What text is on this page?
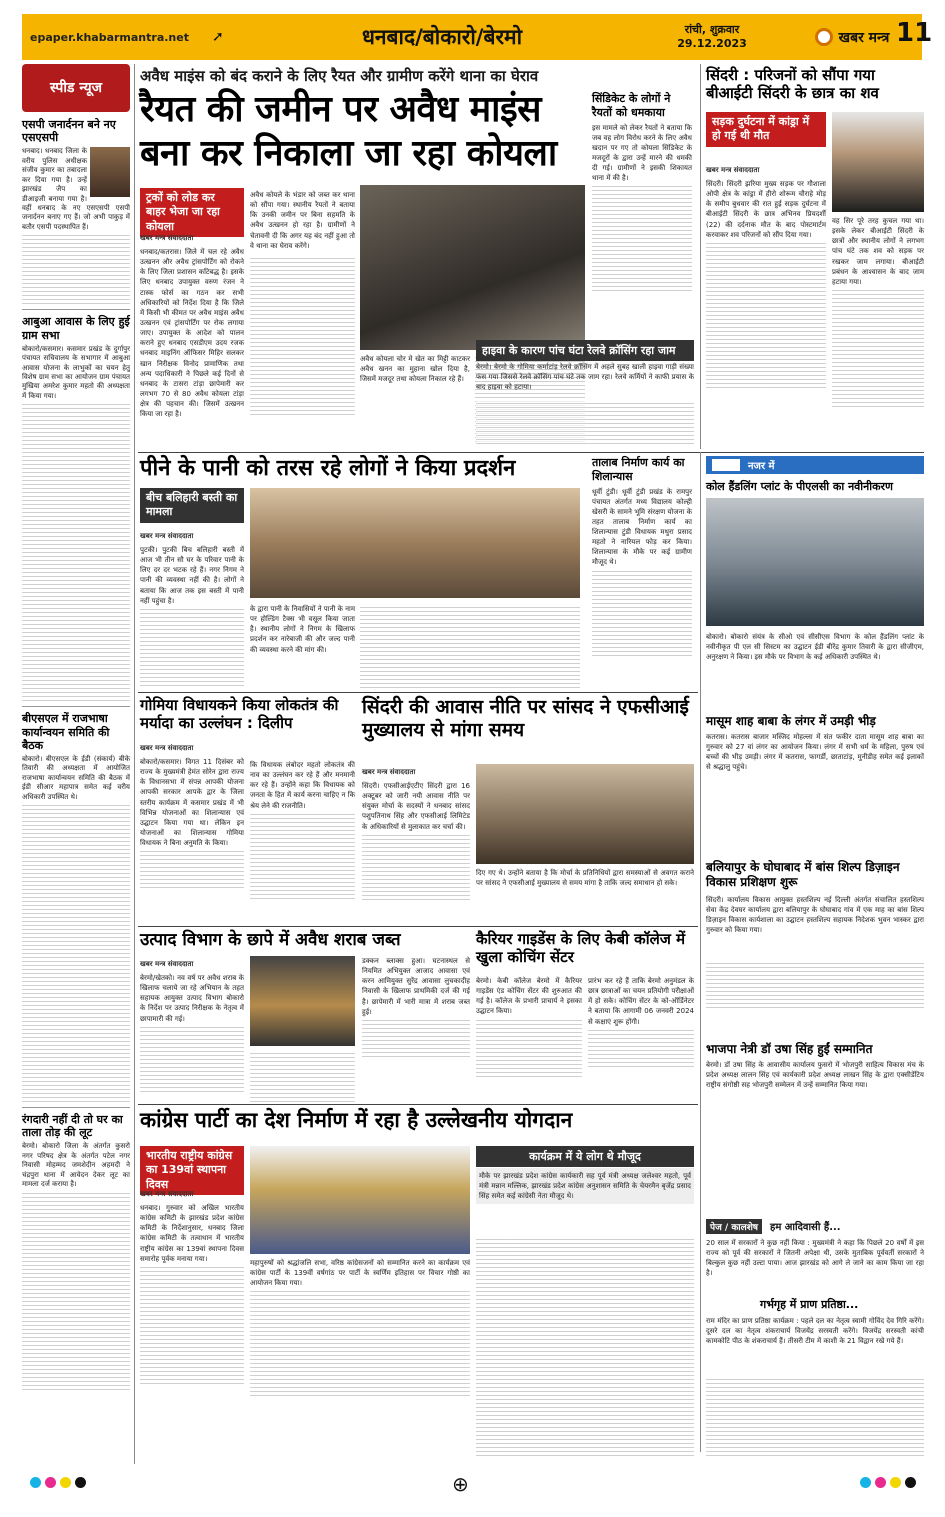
epaper.khabarmantra.net	➚	धनबाद/बोकारो/बेरमो	रांची, शुक्रवार
29.12.2023	खबर मन्त्र 11
स्पीड न्यूज
एसपी जनार्दनन बने नए एसएसपी
धनबाद। धनबाद जिला के वरीय पुलिस अधीक्षक संजीव कुमार का तबादला कर दिया गया है। उन्हें झारखंड जैप का डीआइजी बनाया गया है। वहीं धनबाद के नए एसएसपी एसपी जनार्दनन बनाए गए हैं। जो अभी पाकुड़ में बतौर एसपी पदस्थापित हैं।
आबुआ आवास के लिए हुई ग्राम सभा
बोकारो/कसमार। कसमार प्रखंड के दुर्गापुर पंचायत सचिवालय के सभागार में आबुआ आवास योजना के लाभुकों का चयन हेतु विशेष ग्राम सभा का आयोजन ग्राम पंचायत मुखिया अमरेश कुमार महतो की अध्यक्षता में किया गया।
बीएसएल में राजभाषा कार्यान्वयन समिति की बैठक
बोकारो। बीएसएल के ईडी (संकार्य) बीके तिवारी की अध्यक्षता में आयोजित राजभाषा कार्यान्वयन समिति की बैठक में ईडी सीआर महापात्र समेत कई वरीय अधिकारी उपस्थित थे।
रंगदारी नहीं दी तो घर का ताला तोड़ की लूट
बेरमो। बोकारो जिला के अंतर्गत कुसरो नगर परिषद क्षेत्र के अंतर्गत पटेल नगर निवासी मोहम्मद जमशेदीन अहमदी ने चंद्रपुरा थाना में आवेदन देकर लूट का मामला दर्ज कराया है।
अवैध माइंस को बंद कराने के लिए रैयत और ग्रामीण करेंगे थाना का घेराव
रैयत की जमीन पर अवैध माइंस बना कर निकाला जा रहा कोयला
ट्रकों को लोड कर बाहर भेजा जा रहा कोयला
खबर मन्त्र संवाददाता
धनबाद/कतरास। जिले में चल रहे अवैध उत्खनन और अवैध ट्रांसपोर्टिंग को रोकने के लिए जिला प्रशासन कटिबद्ध है। इसके लिए धनबाद उपायुक्त वरुण रंजन ने टास्क फोर्स का गठन कर सभी अधिकारियों को निर्देश दिया है कि जिले में किसी भी कीमत पर अवैध माइंस अवैध उत्खनन एवं ट्रांसपोर्टिंग पर रोक लगाया जाए। उपायुक्त के आदेश को पालन कराने हुए धनबाद एसडीएम उदय रजक धनबाद माइनिंग ऑफिसर मिहिर सलकर खान निरीक्षक विनोद प्रामाणिक तथा अन्य पदाधिकारी ने पिछले कई दिनों से धनबाद के टासरा टांड़ा छापेमारी कर लगभग 70 से 80 अवैध कोयला टांड़ा क्षेत्र की पहचान की। जिसमें उत्खनन किया जा रहा है।
अवैध कोयले के भंडार को जब्त कर थाना को सौंपा गया। स्थानीय रैयतों ने बताया कि उनकी जमीन पर बिना सहमति के अवैध उत्खनन हो रहा है। ग्रामीणों ने चेतावनी दी कि अगर यह बंद नहीं हुआ तो वे थाना का घेराव करेंगे।
अवैध कोयला चोर मे खेत का मिट्टी काटकर अवैध खनन का मुहाना खोल दिया है, जिसमें मजदूर तथा कोयला निकाल रहे हैं।
सिंडिकेट के लोगों ने रैयतों को धमकाया
इस मामले को लेकर रैयतों ने बताया कि जब वह लोग विरोध करने के लिए अवैध खदान पर गए तो कोयला सिंडिकेट के मजदूरों के द्वारा उन्हें मारने की धमकी दी गई। ग्रामीणों ने इसकी शिकायत थाना में की है।
हाइवा के कारण पांच घंटा रेलवे क्रॉसिंग रहा जाम
बेरमो। बेरमो के गोमिया कर्माटांड़ रेलवे क्रॉसिंग में अहले सुबह खाली हाइवा गाड़ी संख्या फंस गया जिससे रेलवे क्रॉसिंग पांच घंटे तक जाम रहा। रेलवे कर्मियों ने काफी प्रयास के बाद हाइवा को हटाया।
सिंदरी : परिजनों को सौंपा गया बीआईटी सिंदरी के छात्र का शव
सड़क दुर्घटना में कांड्रा में हो गई थी मौत
खबर मन्त्र संवाददाता
सिंदरी। सिंदरी झरिया मुख्य सड़क पर गौशाला ओपी क्षेत्र के कांड्रा में हीरो शोरूम चौराहे मोड़ के समीप बुधवार की रात हुई सड़क दुर्घटना में बीआईटी सिंदरी के छात्र अभिनव प्रियदर्शी (22) की दर्दनाक मौत के बाद पोस्टमार्टम करवाकर शव परिजनों को सौंप दिया गया।
वह सिर पूरे तरह कुचल गया था। इसके लेकर बीआईटी सिंदरी के छात्रों और स्थानीय लोगों ने लगभग पांच घंटे तक शव को सड़क पर रखकर जाम लगाया। बीआईटी प्रबंधन के आश्वासन के बाद जाम हटाया गया।
पीने के पानी को तरस रहे लोगों ने किया प्रदर्शन
बीच बलिहारी बस्ती का मामला
खबर मन्त्र संवाददाता
पुटकी। पुटकी बिच बलिहारी बस्ती में आज भी तीन सौ घर के परिवार पानी के लिए दर दर भटक रहे हैं। नगर निगम ने पानी की व्यवस्था नहीं की है। लोगों ने बताया कि आज तक इस बस्ती में पानी नहीं पहुंचा है।
के द्वारा पानी के निवासियों ने पानी के नाम पर होल्डिंग टैक्स भी वसूल किया जाता है। स्थानीय लोगों ने निगम के खिलाफ प्रदर्शन कर नारेबाजी की और जल्द पानी की व्यवस्था करने की मांग की।
तालाब निर्माण कार्य का शिलान्यास
धूर्वी टुंडी। धूर्वी टुंडी प्रखंड के रामपुर पंचायत अंतर्गत मध्य विद्यालय कोल्ही खेसरी के सामने भूमि संरक्षण योजना के तहत तालाब निर्माण कार्य का शिलान्यास टुंडी विधायक मथुरा प्रसाद महतो ने नारियल फोड़ कर किया। शिलान्यास के मौके पर कई ग्रामीण मौजूद थे।
नजर में
कोल हैंडलिंग प्लांट के पीएलसी का नवीनीकरण
बोकारो। बोकारो संयंत्र के सीओ एवं सीसीएस विभाग के कोल हैंडलिंग प्लांट के नवीनीकृत पी एल सी सिस्टम का उद्घाटन ईडी बीरेंद्र कुमार तिवारी के द्वारा सीजीएम, अनुरक्षण ने किया। इस मौके पर विभाग के कई अधिकारी उपस्थित थे।
मासूम शाह बाबा के लंगर में उमड़ी भीड़
कतरास। कतरास बाजार मस्जिद मोहल्ला में संत फकीर दाता मासूम शाह बाबा का गुरुवार को 27 वां लंगर का आयोजन किया। लंगर में सभी धर्म के महिला, पुरुष एवं बच्चों की भीड़ उमड़ी। लंगर में कतरास, फागर्डी, छाताटांड़, मुनीडीह समेत कई इलाकों से श्रद्धालु पहुंचे।
बलियापुर के घोघाबाद में बांस शिल्प डिज़ाइन विकास प्रशिक्षण शुरू
सिंदरी। कार्यालय विकास आयुक्त हस्तशिल्प नई दिल्ली अंतर्गत संचालित हस्तशिल्प सेवा केंद्र देवघर कार्यालय द्वारा बलियापुर के घोघाबाद गांव में एक माह का बांस शिल्प डिज़ाइन विकास कार्यशाला का उद्घाटन हस्तशिल्प सहायक निदेशक भुवन भास्कर द्वारा गुरुवार को किया गया।
भाजपा नेत्री डॉ उषा सिंह हुईं सम्मानित
बेरमो। डॉ उषा सिंह के आवासीय कार्यालय फुसरो में भोजपुरी साहित्य विकास मंच के प्रदेश अध्यक्ष लालन सिंह एवं कार्यकारी प्रदेश अध्यक्ष लाखन सिंह के द्वारा एक्सीडेंटिय राष्ट्रीय संगोष्ठी सह भोजपुरी सम्मेलन में उन्हें सम्मानित किया गया।
गोमिया विधायकने किया लोकतंत्र की मर्यादा का उल्लंघन : दिलीप
खबर मन्त्र संवाददाता
बोकारो/कसमार। विगत 11 दिसंबर को राज्य के मुख्यमंत्री हेमंत सोरेन द्वारा राज्य के विधानसभा में संपन्न आपकी योजना आपकी सरकार आपके द्वार के जिला स्तरीय कार्यक्रम में कसमार प्रखंड में भी विभिन्न योजनाओं का शिलान्यास एवं उद्घाटन किया गया था। लेकिन इन योजनाओं का शिलान्यास गोमिया विधायक ने बिना अनुमति के किया।
कि विधायक लंबोदर महतो लोकतंत्र की नाव का उल्लंघन कर रहे हैं और मनमानी कर रहे हैं। उन्होंने कहा कि विधायक को जनता के हित में कार्य करना चाहिए न कि श्रेय लेने की राजनीति।
सिंदरी की आवास नीति पर सांसद ने एफसीआई मुख्यालय से मांगा समय
खबर मन्त्र संवाददाता
सिंदरी। एफसीआईएटीए सिंदरी द्वारा 16 अक्टूबर को जारी नयी आवास नीति पर संयुक्त मोर्चा के सदस्यों ने धनबाद सांसद पशुपतिनाथ सिंह और एफसीआई लिमिटेड के अधिकारियों से मुलाकात कर चर्चा की।
दिए गए थे। उन्होंने बताया है कि मोर्चा के प्रतिनिधियों द्वारा समस्याओं से अवगत कराने पर सांसद ने एफसीआई मुख्यालय से समय मांगा है ताकि जल्द समाधान हो सके।
उत्पाद विभाग के छापे में अवैध शराब जब्त
खबर मन्त्र संवाददाता
बेरमो/खेतको। नव वर्ष पर अवैध शराब के खिलाफ चलाये जा रहे अभियान के तहत सहायक आयुक्त उत्पाद विभाग बोकारो के निर्देश पर उत्पाद निरीक्षक के नेतृत्व में छापामारी की गई।
डक्कन ब्लाक्स हुआ। घटनास्थल से नियमित अभियुक्त आजाद आवासा एवं करन आमियुक्त सुरेंद्र आवासा लुचकादीह निवासी के खिलाफ प्राथमिकी दर्ज की गई है। छापेमारी में भारी मात्रा में शराब जब्त हुई।
कैरियर गाइडेंस के लिए केबी कॉलेज में खुला कोचिंग सेंटर
बेरमो। केबी कॉलेज बेरमो में कैरियर गाइडेंस एंड कोचिंग सेंटर की शुरुआत की गई है। कॉलेज के प्रभारी प्राचार्य ने इसका उद्घाटन किया।
प्रारंभ कर रहे हैं ताकि बेरमो अनुमंडल के छात्र छात्राओं का चयन प्रतियोगी परीक्षाओं में हो सके। कोचिंग सेंटर के को-ऑर्डिनेटर ने बताया कि आगामी 06 जनवरी 2024 से कक्षाएं शुरू होंगी।
कांग्रेस पार्टी का देश निर्माण में रहा है उल्लेखनीय योगदान
भारतीय राष्ट्रीय कांग्रेस का 139वां स्थापना दिवस
खबर मन्त्र संवाददाता
धनबाद। गुरुवार को अखिल भारतीय कांग्रेस कमिटी के झारखंड प्रदेश कांग्रेस कमिटी के निर्देशानुसार, धनबाद जिला कांग्रेस कमिटी के तत्वाधान में भारतीय राष्ट्रीय कांग्रेस का 139वां स्थापना दिवस समारोह पूर्वक मनाया गया।
महापुरुषों को श्रद्धांजलि सभा, वरिष्ठ कांग्रेसजनों को सम्मानित करने का कार्यक्रम एवं कांग्रेस पार्टी के 139वीं वर्षगांठ पर पार्टी के स्वर्णिम इतिहास पर विचार गोष्ठी का आयोजन किया गया।
कार्यक्रम में ये लोग थे मौजूद
मौके पर झारखंड प्रदेश कांग्रेस कार्यकारी सह पूर्व मंत्री अध्यक्ष जलेश्वर महतो, पूर्व मंत्री मन्नान मल्लिक, झारखंड प्रदेश कांग्रेस अनुशासन समिति के चेयरमैन बृजेंद्र प्रसाद सिंह समेत कई कांग्रेसी नेता मौजूद थे।
पेज / कालशेष	हम आदिवासी हैं...
20 साल में सरकारों ने कुछ नहीं किया : मुख्यमंत्री ने कहा कि पिछले 20 वर्षों में इस राज्य को पूर्व की सरकारों ने जितनी अपेक्षा थी, उसके मुताबिक पूर्ववर्ती सरकारों ने बिल्कुल कुछ नहीं उल्टा पाया। आज झारखंड को आगे ले जाने का काम किया जा रहा है।
गर्भगृह में प्राण प्रतिष्ठा...
राम मंदिर का प्राण प्रतिष्ठा कार्यक्रम : पहले दल का नेतृत्व स्वामी गोविंद देव गिरि करेंगे। दूसरे दल का नेतृत्व शंकराचार्य विजयेंद्र सरस्वती करेंगे। विजयेंद्र सरस्वती कांची कामकोटि पीठ के शंकराचार्य हैं। तीसरी टीम में काशी के 21 विद्वान रखे गये हैं।
⊕
